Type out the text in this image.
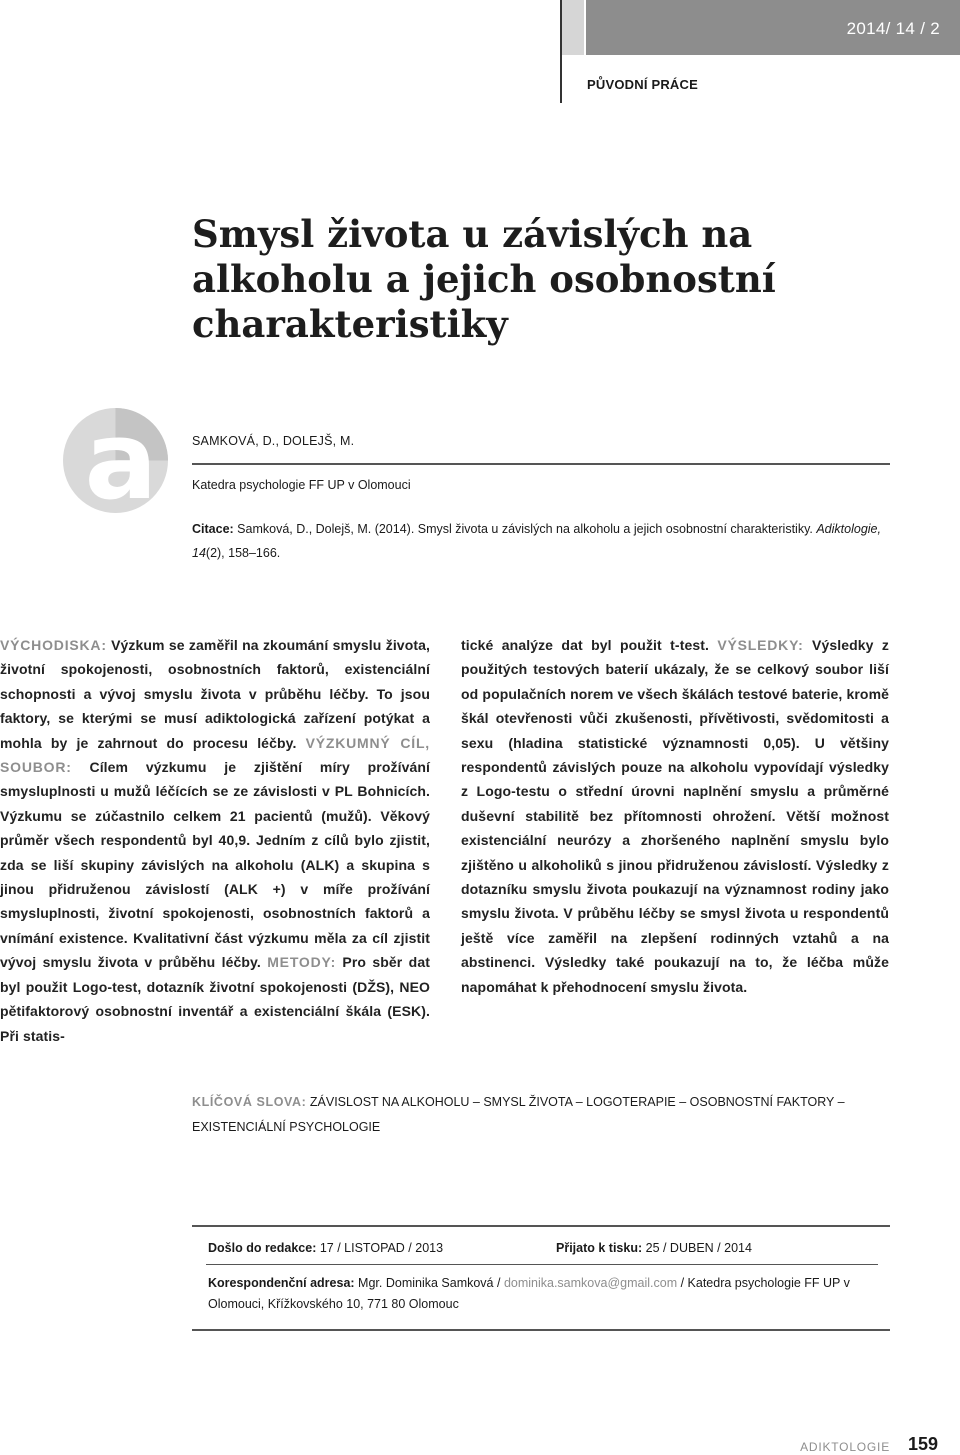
2014/ 14 / 2
PŮVODNÍ PRÁCE
Smysl života u závislých na
alkoholu a jejich osobnostní
charakteristiky
a	SAMKOVÁ, D., DOLEJŠ, M.
Katedra psychologie FF UP v Olomouci
Citace: Samková, D., Dolejš, M. (2014). Smysl života u závislých na alkoholu a jejich osobnostní charakteristiky. Adiktologie,
14(2), 158–166.
VÝCHODISKA: Výzkum se zaměřil na zkoumání smyslu života, životní spokojenosti, osobnostních faktorů, existenciální schopnosti a vývoj smyslu života v průběhu léčby. To jsou faktory, se kterými se musí adiktologická zařízení potýkat a mohla by je zahrnout do procesu léčby. VÝZKUMNÝ CÍL, SOUBOR: Cílem výzkumu je zjištění míry prožívání smysluplnosti u mužů léčících se ze závislosti v PL Bohnicích. Výzkumu se zúčastnilo celkem 21 pacientů (mužů). Věkový průměr všech respondentů byl 40,9. Jedním z cílů bylo zjistit, zda se liší skupiny závislých na alkoholu (ALK) a skupina s jinou přidruženou závislostí (ALK +) v míře prožívání smysluplnosti, životní spokojenosti, osobnostních faktorů a vnímání existence. Kvalitativní část výzkumu měla za cíl zjistit vývoj smyslu života v průběhu léčby. METODY: Pro sběr dat byl použit Logo-test, dotazník životní spokojenosti (DŽS), NEO pětifaktorový osobnostní inventář a existenciální škála (ESK). Při statis-
tické analýze dat byl použit t-test. VÝSLEDKY: Výsledky z použitých testových baterií ukázaly, že se celkový soubor liší od populačních norem ve všech škálách testové baterie, kromě škál otevřenosti vůči zkušenosti, přívětivosti, svědomitosti a sexu (hladina statistické významnosti 0,05). U většiny respondentů závislých pouze na alkoholu vypovídají výsledky z Logo-testu o střední úrovni naplnění smyslu a průměrné duševní stabilitě bez přítomnosti ohrožení. Větší možnost existenciální neurózy a zhoršeného naplnění smyslu bylo zjištěno u alkoholiků s jinou přidruženou závislostí. Výsledky z dotazníku smyslu života poukazují na významnost rodiny jako smyslu života. V průběhu léčby se smysl života u respondentů ještě více zaměřil na zlepšení rodinných vztahů a na abstinenci. Výsledky také poukazují na to, že léčba může napomáhat k přehodnocení smyslu života.
KLÍČOVÁ SLOVA: ZÁVISLOST NA ALKOHOLU – SMYSL ŽIVOTA – LOGOTERAPIE – OSOBNOSTNÍ FAKTORY – EXISTENCIÁLNÍ PSYCHOLOGIE
Došlo do redakce: 17 / LISTOPAD / 2013	Přijato k tisku: 25 / DUBEN / 2014
Korespondenční adresa: Mgr. Dominika Samková / dominika.samkova@gmail.com / Katedra psychologie FF UP v Olomouci, Křížkovského 10, 771 80 Olomouc
ADIKTOLOGIE 159
